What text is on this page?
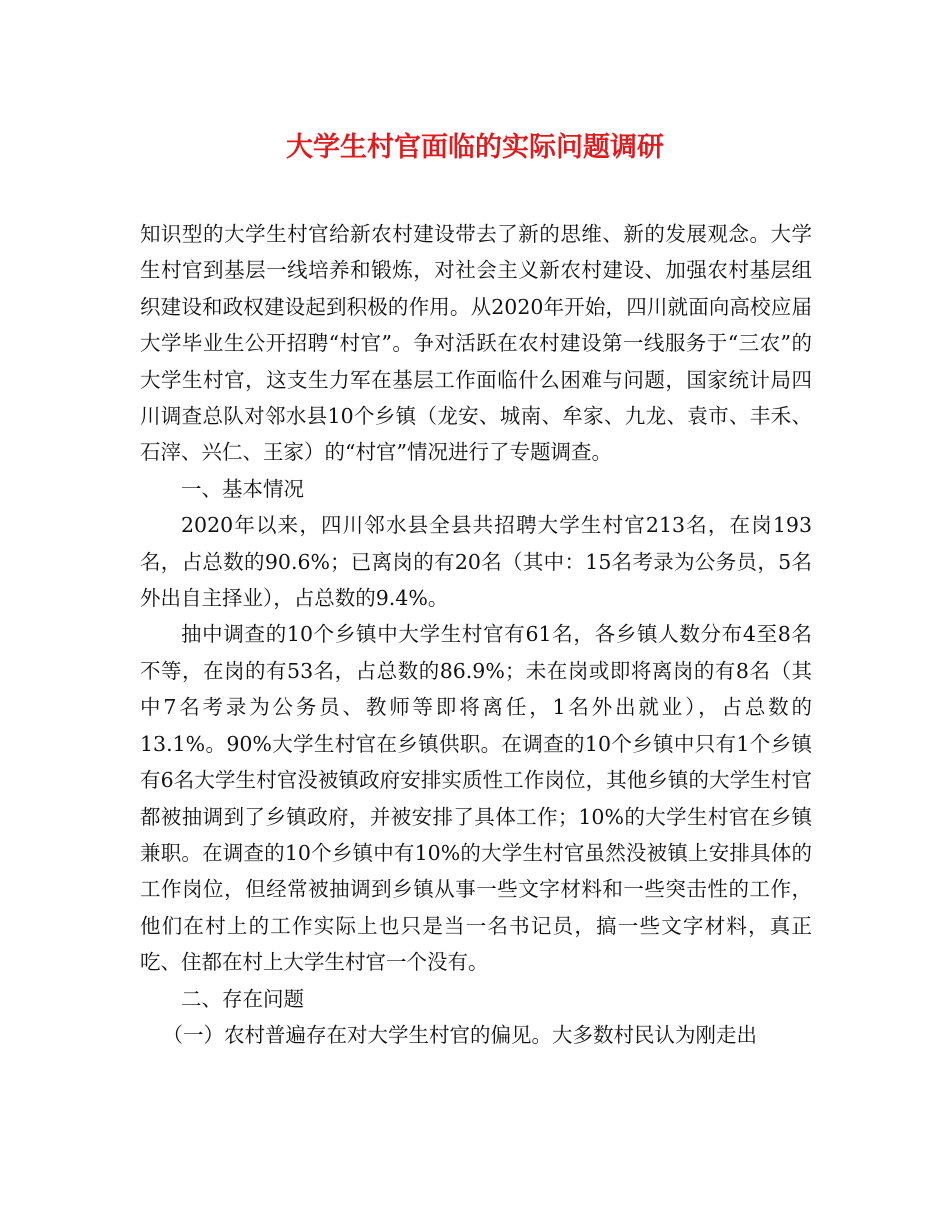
大学生村官面临的实际问题调研

知识型的大学生村官给新农村建设带去了新的思维、新的发展观念。大学生村官到基层一线培养和锻炼，对社会主义新农村建设、加强农村基层组织建设和政权建设起到积极的作用。从2020年开始，四川就面向高校应届大学毕业生公开招聘“村官”。争对活跃在农村建设第一线服务于“三农”的大学生村官，这支生力军在基层工作面临什么困难与问题，国家统计局四川调查总队对邻水县10个乡镇（龙安、城南、牟家、九龙、袁市、丰禾、石滓、兴仁、王家）的“村官”情况进行了专题调查。

一、基本情况

2020年以来，四川邻水县全县共招聘大学生村官213名，在岗193名，占总数的90.6%；已离岗的有20名（其中：15名考录为公务员，5名外出自主择业），占总数的9.4%。

抽中调查的10个乡镇中大学生村官有61名，各乡镇人数分布4至8名不等，在岗的有53名，占总数的86.9%；未在岗或即将离岗的有8名（其中7名考录为公务员、教师等即将离任，1名外出就业），占总数的13.1%。90%大学生村官在乡镇供职。在调查的10个乡镇中只有1个乡镇有6名大学生村官没被镇政府安排实质性工作岗位，其他乡镇的大学生村官都被抽调到了乡镇政府，并被安排了具体工作；10%的大学生村官在乡镇兼职。在调查的10个乡镇中有10%的大学生村官虽然没被镇上安排具体的工作岗位，但经常被抽调到乡镇从事一些文字材料和一些突击性的工作，他们在村上的工作实际上也只是当一名书记员，搞一些文字材料，真正吃、住都在村上大学生村官一个没有。

二、存在问题

（一）农村普遍存在对大学生村官的偏见。大多数村民认为刚走出
